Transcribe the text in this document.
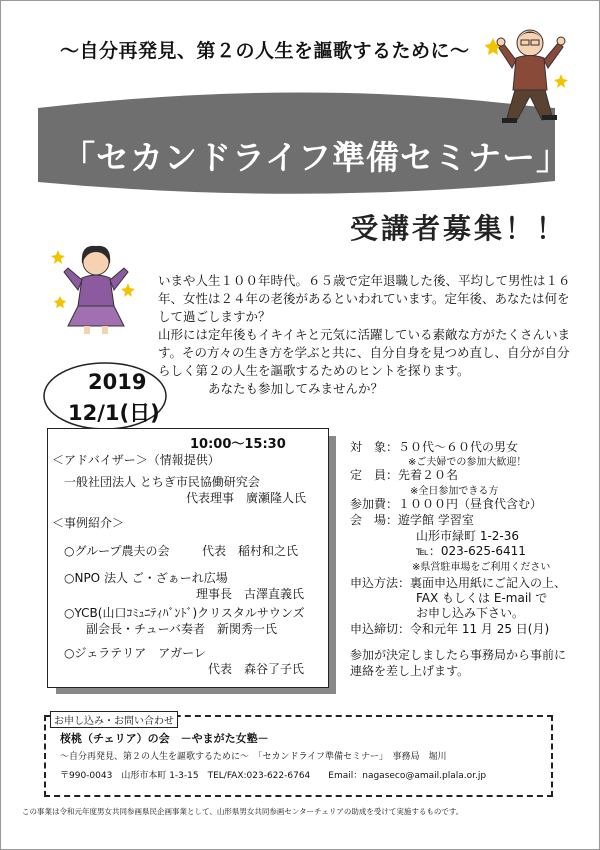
～自分再発見、第２の人生を謳歌するために～
「セカンドライフ準備セミナー」
受講者募集！！

いまや人生１００年時代。６５歳で定年退職した後、平均して男性は１６年、女性は２４年の老後があるといわれています。定年後、あなたは何をして過ごしますか？

山形には定年後もイキイキと元気に活躍している素敵な方がたくさんいます。その方々の生き方を学ぶと共に、自分自身を見つめ直し、自分が自分らしく第２の人生を謳歌するためのヒントを探ります。

あなたも参加してみませんか？

2019
12/1(日)
10:00～15:30
＜アドバイザー＞（情報提供）
一般社団法人 とちぎ市民協働研究会
代表理事　廣瀬隆人氏
＜事例紹介＞
○グループ農夫の会	代表　稲村和之氏
○NPO 法人 ご・ざぁーれ広場
理事長　古澤直義氏
○YCB(山口ｺﾐｭﾆﾃｨﾊﾞﾝﾄﾞ)クリスタルサウンズ
副会長・チューバ奏者　新関秀一氏
○ジェラテリア　アガーレ
代表　森谷了子氏
対　象：５０代～６０代の男女
※ご夫婦での参加大歓迎！
定　員：先着２０名
※全日参加できる方
参加費：１０００円（昼食代含む）
会　場：遊学館 学習室
山形市緑町 1-2-36
℡：023-625-6411
※県営駐車場をご利用ください
申込方法：裏面申込用紙にご記入の上、
FAX もしくは E-mail で
お申し込み下さい。
申込締切：令和元年 11 月 25 日(月)
参加が決定しましたら事務局から事前に
連絡を差し上げます。
お申し込み・お問い合わせ
桜桃（チェリア）の会　－やまがた女塾－
～自分再発見、第２の人生を謳歌するために～　「セカンドライフ準備セミナー」　事務局　堀川
〒990-0043　山形市本町 1-3-15　TEL/FAX:023-622-6764　　Email：nagaseco@amail.plala.or.jp
この事業は令和元年度男女共同参画県民企画事業として、山形県男女共同参画センターチェリアの助成を受けて実施するものです。
